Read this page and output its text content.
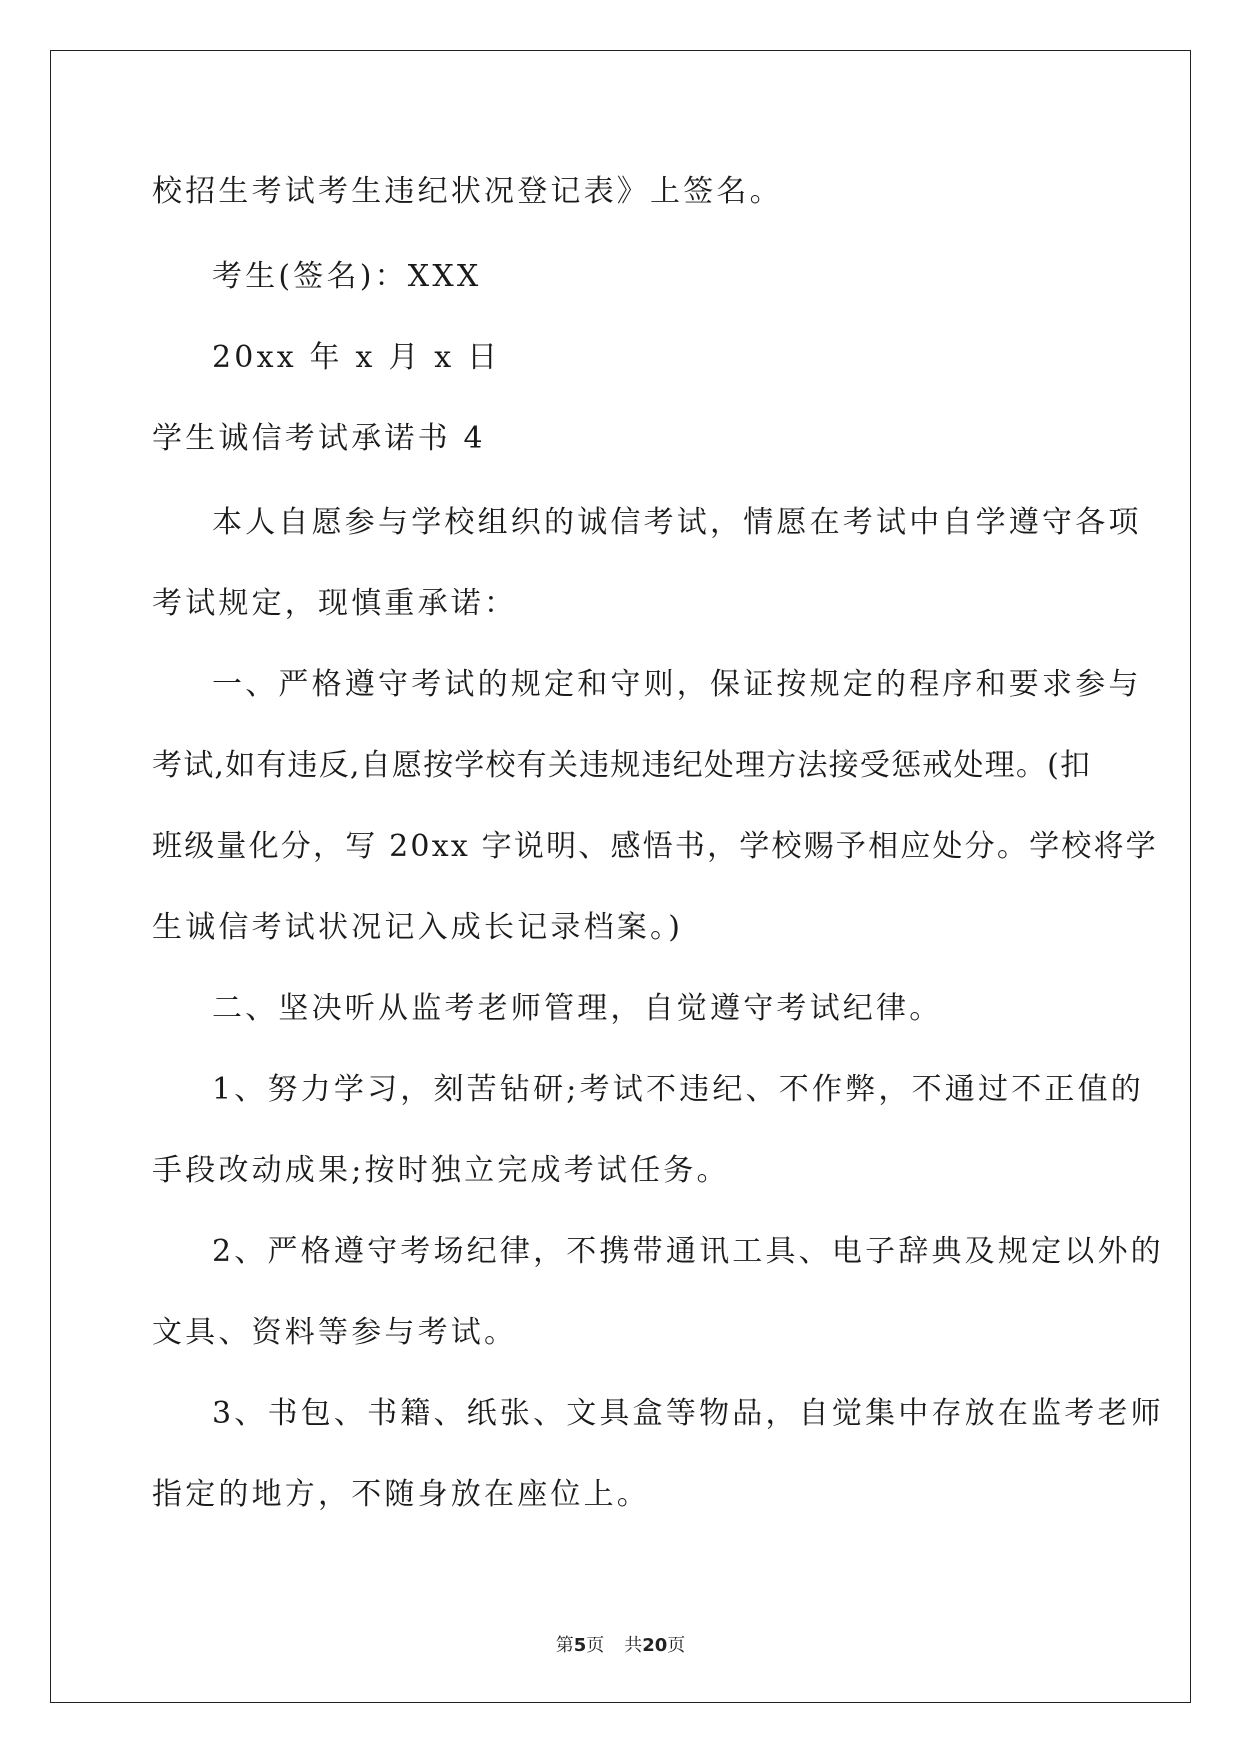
校招生考试考生违纪状况登记表》上签名。
考生(签名)：XXX
20xx 年 x 月 x 日
学生诚信考试承诺书 4
本人自愿参与学校组织的诚信考试，情愿在考试中自学遵守各项
考试规定，现慎重承诺：
一、严格遵守考试的规定和守则，保证按规定的程序和要求参与
考试,如有违反,自愿按学校有关违规违纪处理方法接受惩戒处理。(扣
班级量化分，写 20xx 字说明、感悟书，学校赐予相应处分。学校将学
生诚信考试状况记入成长记录档案。)
二、坚决听从监考老师管理，自觉遵守考试纪律。
1、努力学习，刻苦钻研;考试不违纪、不作弊，不通过不正值的
手段改动成果;按时独立完成考试任务。
2、严格遵守考场纪律，不携带通讯工具、电子辞典及规定以外的
文具、资料等参与考试。
3、书包、书籍、纸张、文具盒等物品，自觉集中存放在监考老师
指定的地方，不随身放在座位上。
第5页 共20页
